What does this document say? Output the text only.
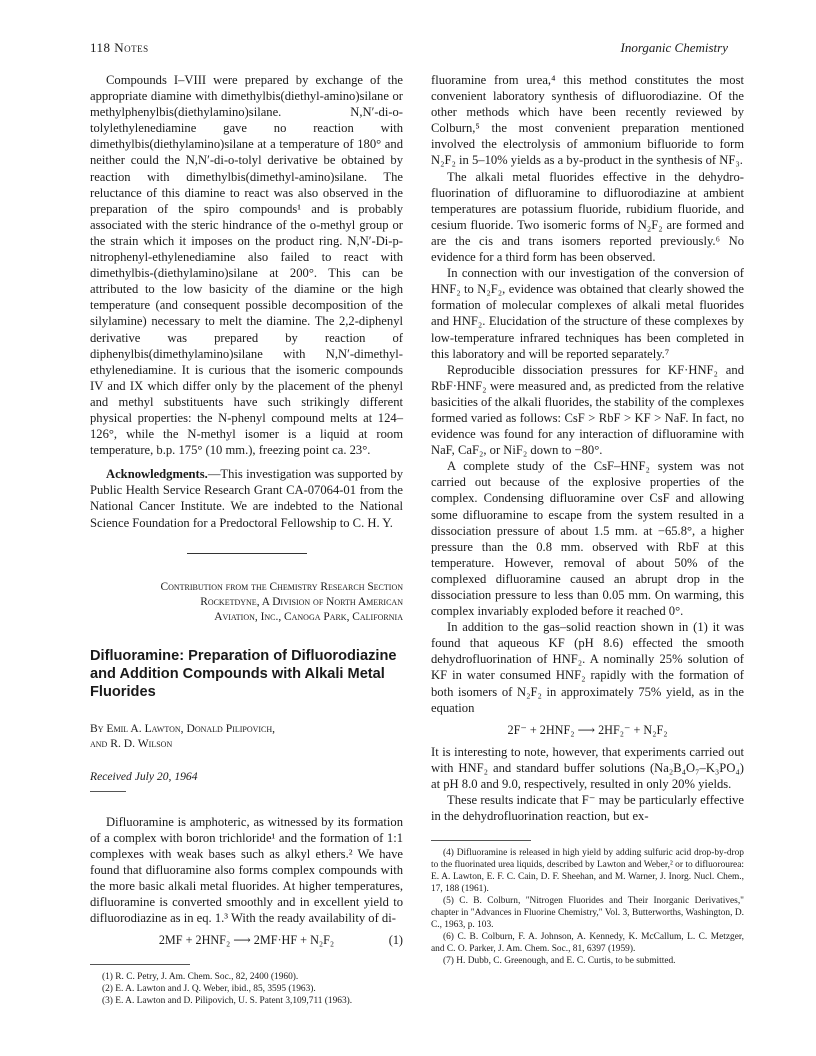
118 Notes	Inorganic Chemistry

Compounds I–VIII were prepared by exchange of the appropriate diamine with dimethylbis(diethyl-amino)silane or methylphenylbis(diethylamino)silane. N,N′-di-o-tolylethylenediamine gave no reaction with dimethylbis(diethylamino)silane at a temperature of 180° and neither could the N,N′-di-o-tolyl derivative be obtained by reaction with dimethylbis(dimethyl-amino)silane. The reluctance of this diamine to react was also observed in the preparation of the spiro compounds¹ and is probably associated with the steric hindrance of the o-methyl group or the strain which it imposes on the product ring. N,N′-Di-p-nitrophenyl-ethylenediamine also failed to react with dimethylbis-(diethylamino)silane at 200°. This can be attributed to the low basicity of the diamine or the high temperature (and consequent possible decomposition of the silylamine) necessary to melt the diamine. The 2,2-diphenyl derivative was prepared by reaction of diphenylbis(dimethylamino)silane with N,N′-dimethyl-ethylenediamine. It is curious that the isomeric compounds IV and IX which differ only by the placement of the phenyl and methyl substituents have such strikingly different physical properties: the N-phenyl compound melts at 124–126°, while the N-methyl isomer is a liquid at room temperature, b.p. 175° (10 mm.), freezing point ca. 23°.

Acknowledgments.—This investigation was supported by Public Health Service Research Grant CA-07064-01 from the National Cancer Institute. We are indebted to the National Science Foundation for a Predoctoral Fellowship to C. H. Y.

Contribution from the Chemistry Research Section
Rocketdyne, A Division of North American
Aviation, Inc., Canoga Park, California
Difluoramine: Preparation of Difluorodiazine and Addition Compounds with Alkali Metal Fluorides
By Emil A. Lawton, Donald Pilipovich,
and R. D. Wilson
Received July 20, 1964

Difluoramine is amphoteric, as witnessed by its formation of a complex with boron trichloride¹ and the formation of 1:1 complexes with weak bases such as alkyl ethers.² We have found that difluoramine also forms complex compounds with the more basic alkali metal fluorides. At higher temperatures, difluoramine is converted smoothly and in excellent yield to difluorodiazine as in eq. 1.³ With the ready availability of di-

2MF + 2HNF₂ ⟶ 2MF·HF + N₂F₂	(1)
(1) R. C. Petry, J. Am. Chem. Soc., 82, 2400 (1960).
(2) E. A. Lawton and J. Q. Weber, ibid., 85, 3595 (1963).
(3) E. A. Lawton and D. Pilipovich, U. S. Patent 3,109,711 (1963).

fluoramine from urea,⁴ this method constitutes the most convenient laboratory synthesis of difluorodiazine. Of the other methods which have been recently reviewed by Colburn,⁵ the most convenient preparation mentioned involved the electrolysis of ammonium bifluoride to form N₂F₂ in 5–10% yields as a by-product in the synthesis of NF₃.

The alkali metal fluorides effective in the dehydro-fluorination of difluoramine to difluorodiazine at ambient temperatures are potassium fluoride, rubidium fluoride, and cesium fluoride. Two isomeric forms of N₂F₂ are formed and are the cis and trans isomers reported previously.⁶ No evidence for a third form has been observed.

In connection with our investigation of the conversion of HNF₂ to N₂F₂, evidence was obtained that clearly showed the formation of molecular complexes of alkali metal fluorides and HNF₂. Elucidation of the structure of these complexes by low-temperature infrared techniques has been completed in this laboratory and will be reported separately.⁷

Reproducible dissociation pressures for KF·HNF₂ and RbF·HNF₂ were measured and, as predicted from the relative basicities of the alkali fluorides, the stability of the complexes formed varied as follows: CsF > RbF > KF > NaF. In fact, no evidence was found for any interaction of difluoramine with NaF, CaF₂, or NiF₂ down to −80°.

A complete study of the CsF–HNF₂ system was not carried out because of the explosive properties of the complex. Condensing difluoramine over CsF and allowing some difluoramine to escape from the system resulted in a dissociation pressure of about 1.5 mm. at −65.8°, a higher pressure than the 0.8 mm. observed with RbF at this temperature. However, removal of about 50% of the complexed difluoramine caused an abrupt drop in the dissociation pressure to less than 0.05 mm. On warming, this complex invariably exploded before it reached 0°.

In addition to the gas–solid reaction shown in (1) it was found that aqueous KF (pH 8.6) effected the smooth dehydrofluorination of HNF₂. A nominally 25% solution of KF in water consumed HNF₂ rapidly with the formation of both isomers of N₂F₂ in approximately 75% yield, as in the equation

2F⁻ + 2HNF₂ ⟶ 2HF₂⁻ + N₂F₂

It is interesting to note, however, that experiments carried out with HNF₂ and standard buffer solutions (Na₂B₄O₇–K₃PO₄) at pH 8.0 and 9.0, respectively, resulted in only 20% yields.

These results indicate that F⁻ may be particularly effective in the dehydrofluorination reaction, but ex-

(4) Difluoramine is released in high yield by adding sulfuric acid drop-by-drop to the fluorinated urea liquids, described by Lawton and Weber,² or to difluorourea: E. A. Lawton, E. F. C. Cain, D. F. Sheehan, and M. Warner, J. Inorg. Nucl. Chem., 17, 188 (1961).
(5) C. B. Colburn, "Nitrogen Fluorides and Their Inorganic Derivatives," chapter in "Advances in Fluorine Chemistry," Vol. 3, Butterworths, Washington, D. C., 1963, p. 103.
(6) C. B. Colburn, F. A. Johnson, A. Kennedy, K. McCallum, L. C. Metzger, and C. O. Parker, J. Am. Chem. Soc., 81, 6397 (1959).
(7) H. Dubb, C. Greenough, and E. C. Curtis, to be submitted.
